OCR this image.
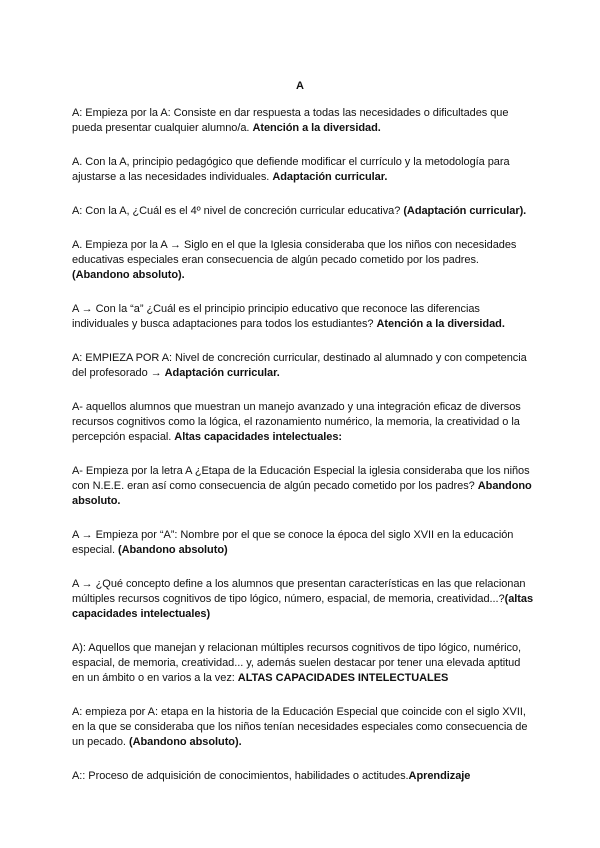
A

A: Empieza por la A: Consiste en dar respuesta a todas las necesidades o dificultades que pueda presentar cualquier alumno/a. Atención a la diversidad.

A. Con la A, principio pedagógico que defiende modificar el currículo y la metodología para ajustarse a las necesidades individuales. Adaptación curricular.

A: Con la A, ¿Cuál es el 4º nivel de concreción curricular educativa? (Adaptación curricular).

A. Empieza por la A → Siglo en el que la Iglesia consideraba que los niños con necesidades educativas especiales eran consecuencia de algún pecado cometido por los padres. (Abandono absoluto).

A → Con la “a” ¿Cuál es el principio principio educativo que reconoce las diferencias individuales y busca adaptaciones para todos los estudiantes? Atención a la diversidad.

A: EMPIEZA POR A: Nivel de concreción curricular, destinado al alumnado y con competencia del profesorado → Adaptación curricular.

A- aquellos alumnos que muestran un manejo avanzado y una integración eficaz de diversos recursos cognitivos como la lógica, el razonamiento numérico, la memoria, la creatividad o la percepción espacial. Altas capacidades intelectuales:

A- Empieza por la letra A ¿Etapa de la Educación Especial la iglesia consideraba que los niños con N.E.E. eran así como consecuencia de algún pecado cometido por los padres? Abandono absoluto.

A → Empieza por “A”: Nombre por el que se conoce la época del siglo XVII en la educación especial. (Abandono absoluto)

A → ¿Qué concepto define a los alumnos que presentan características en las que relacionan múltiples recursos cognitivos de tipo lógico, número, espacial, de memoria, creatividad...?(altas capacidades intelectuales)

A): Aquellos que manejan y relacionan múltiples recursos cognitivos de tipo lógico, numérico, espacial, de memoria, creatividad... y, además suelen destacar por tener una elevada aptitud en un ámbito o en varios a la vez: ALTAS CAPACIDADES INTELECTUALES

A: empieza por A: etapa en la historia de la Educación Especial que coincide con el siglo XVII, en la que se consideraba que los niños tenían necesidades especiales como consecuencia de un pecado. (Abandono absoluto).

A:: Proceso de adquisición de conocimientos, habilidades o actitudes.Aprendizaje
